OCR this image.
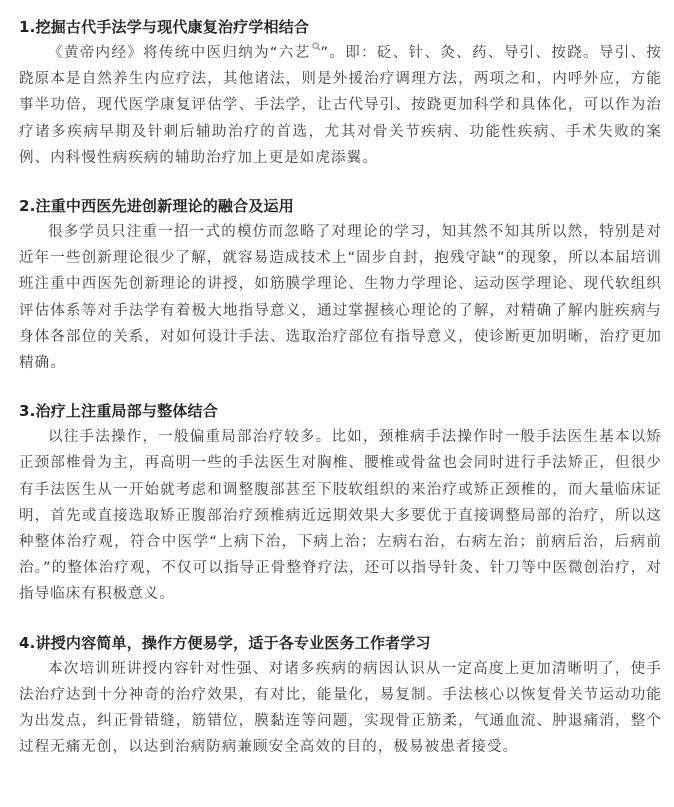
1.挖掘古代手法学与现代康复治疗学相结合

《黄帝内经》将传统中医归纳为“六艺 ”。即：砭、针、灸、药、导引、按跷。导引、按跷原本是自然养生内应疗法，其他诸法，则是外援治疗调理方法，两项之和，内呼外应，方能事半功倍，现代医学康复评估学、手法学，让古代导引、按跷更加科学和具体化，可以作为治疗诸多疾病早期及针刺后辅助治疗的首选，尤其对骨关节疾病、功能性疾病、手术失败的案例、内科慢性病疾病的辅助治疗加上更是如虎添翼。

2.注重中西医先进创新理论的融合及运用

很多学员只注重一招一式的模仿而忽略了对理论的学习，知其然不知其所以然，特别是对近年一些创新理论很少了解，就容易造成技术上“固步自封，抱残守缺”的现象，所以本届培训班注重中西医先创新理论的讲授，如筋膜学理论、生物力学理论、运动医学理论、现代软组织评估体系等对手法学有着极大地指导意义，通过掌握核心理论的了解，对精确了解内脏疾病与身体各部位的关系，对如何设计手法、选取治疗部位有指导意义，使诊断更加明晰，治疗更加精确。

3.治疗上注重局部与整体结合

以往手法操作，一般偏重局部治疗较多。比如，颈椎病手法操作时一般手法医生基本以矫正颈部椎骨为主，再高明一些的手法医生对胸椎、腰椎或骨盆也会同时进行手法矫正，但很少有手法医生从一开始就考虑和调整腹部甚至下肢软组织的来治疗或矫正颈椎的，而大量临床证明，首先或直接选取矫正腹部治疗颈椎病近远期效果大多要优于直接调整局部的治疗，所以这种整体治疗观，符合中医学“上病下治，下病上治；左病右治，右病左治；前病后治，后病前治。”的整体治疗观，不仅可以指导正骨整脊疗法，还可以指导针灸、针刀等中医微创治疗，对指导临床有积极意义。

4.讲授内容简单，操作方便易学，适于各专业医务工作者学习

本次培训班讲授内容针对性强、对诸多疾病的病因认识从一定高度上更加清晰明了，使手法治疗达到十分神奇的治疗效果，有对比，能量化，易复制。手法核心以恢复骨关节运动功能为出发点，纠正骨错缝，筋错位，膜黏连等问题，实现骨正筋柔，气通血流、肿退痛消，整个过程无痛无创，以达到治病防病兼顾安全高效的目的，极易被患者接受。
